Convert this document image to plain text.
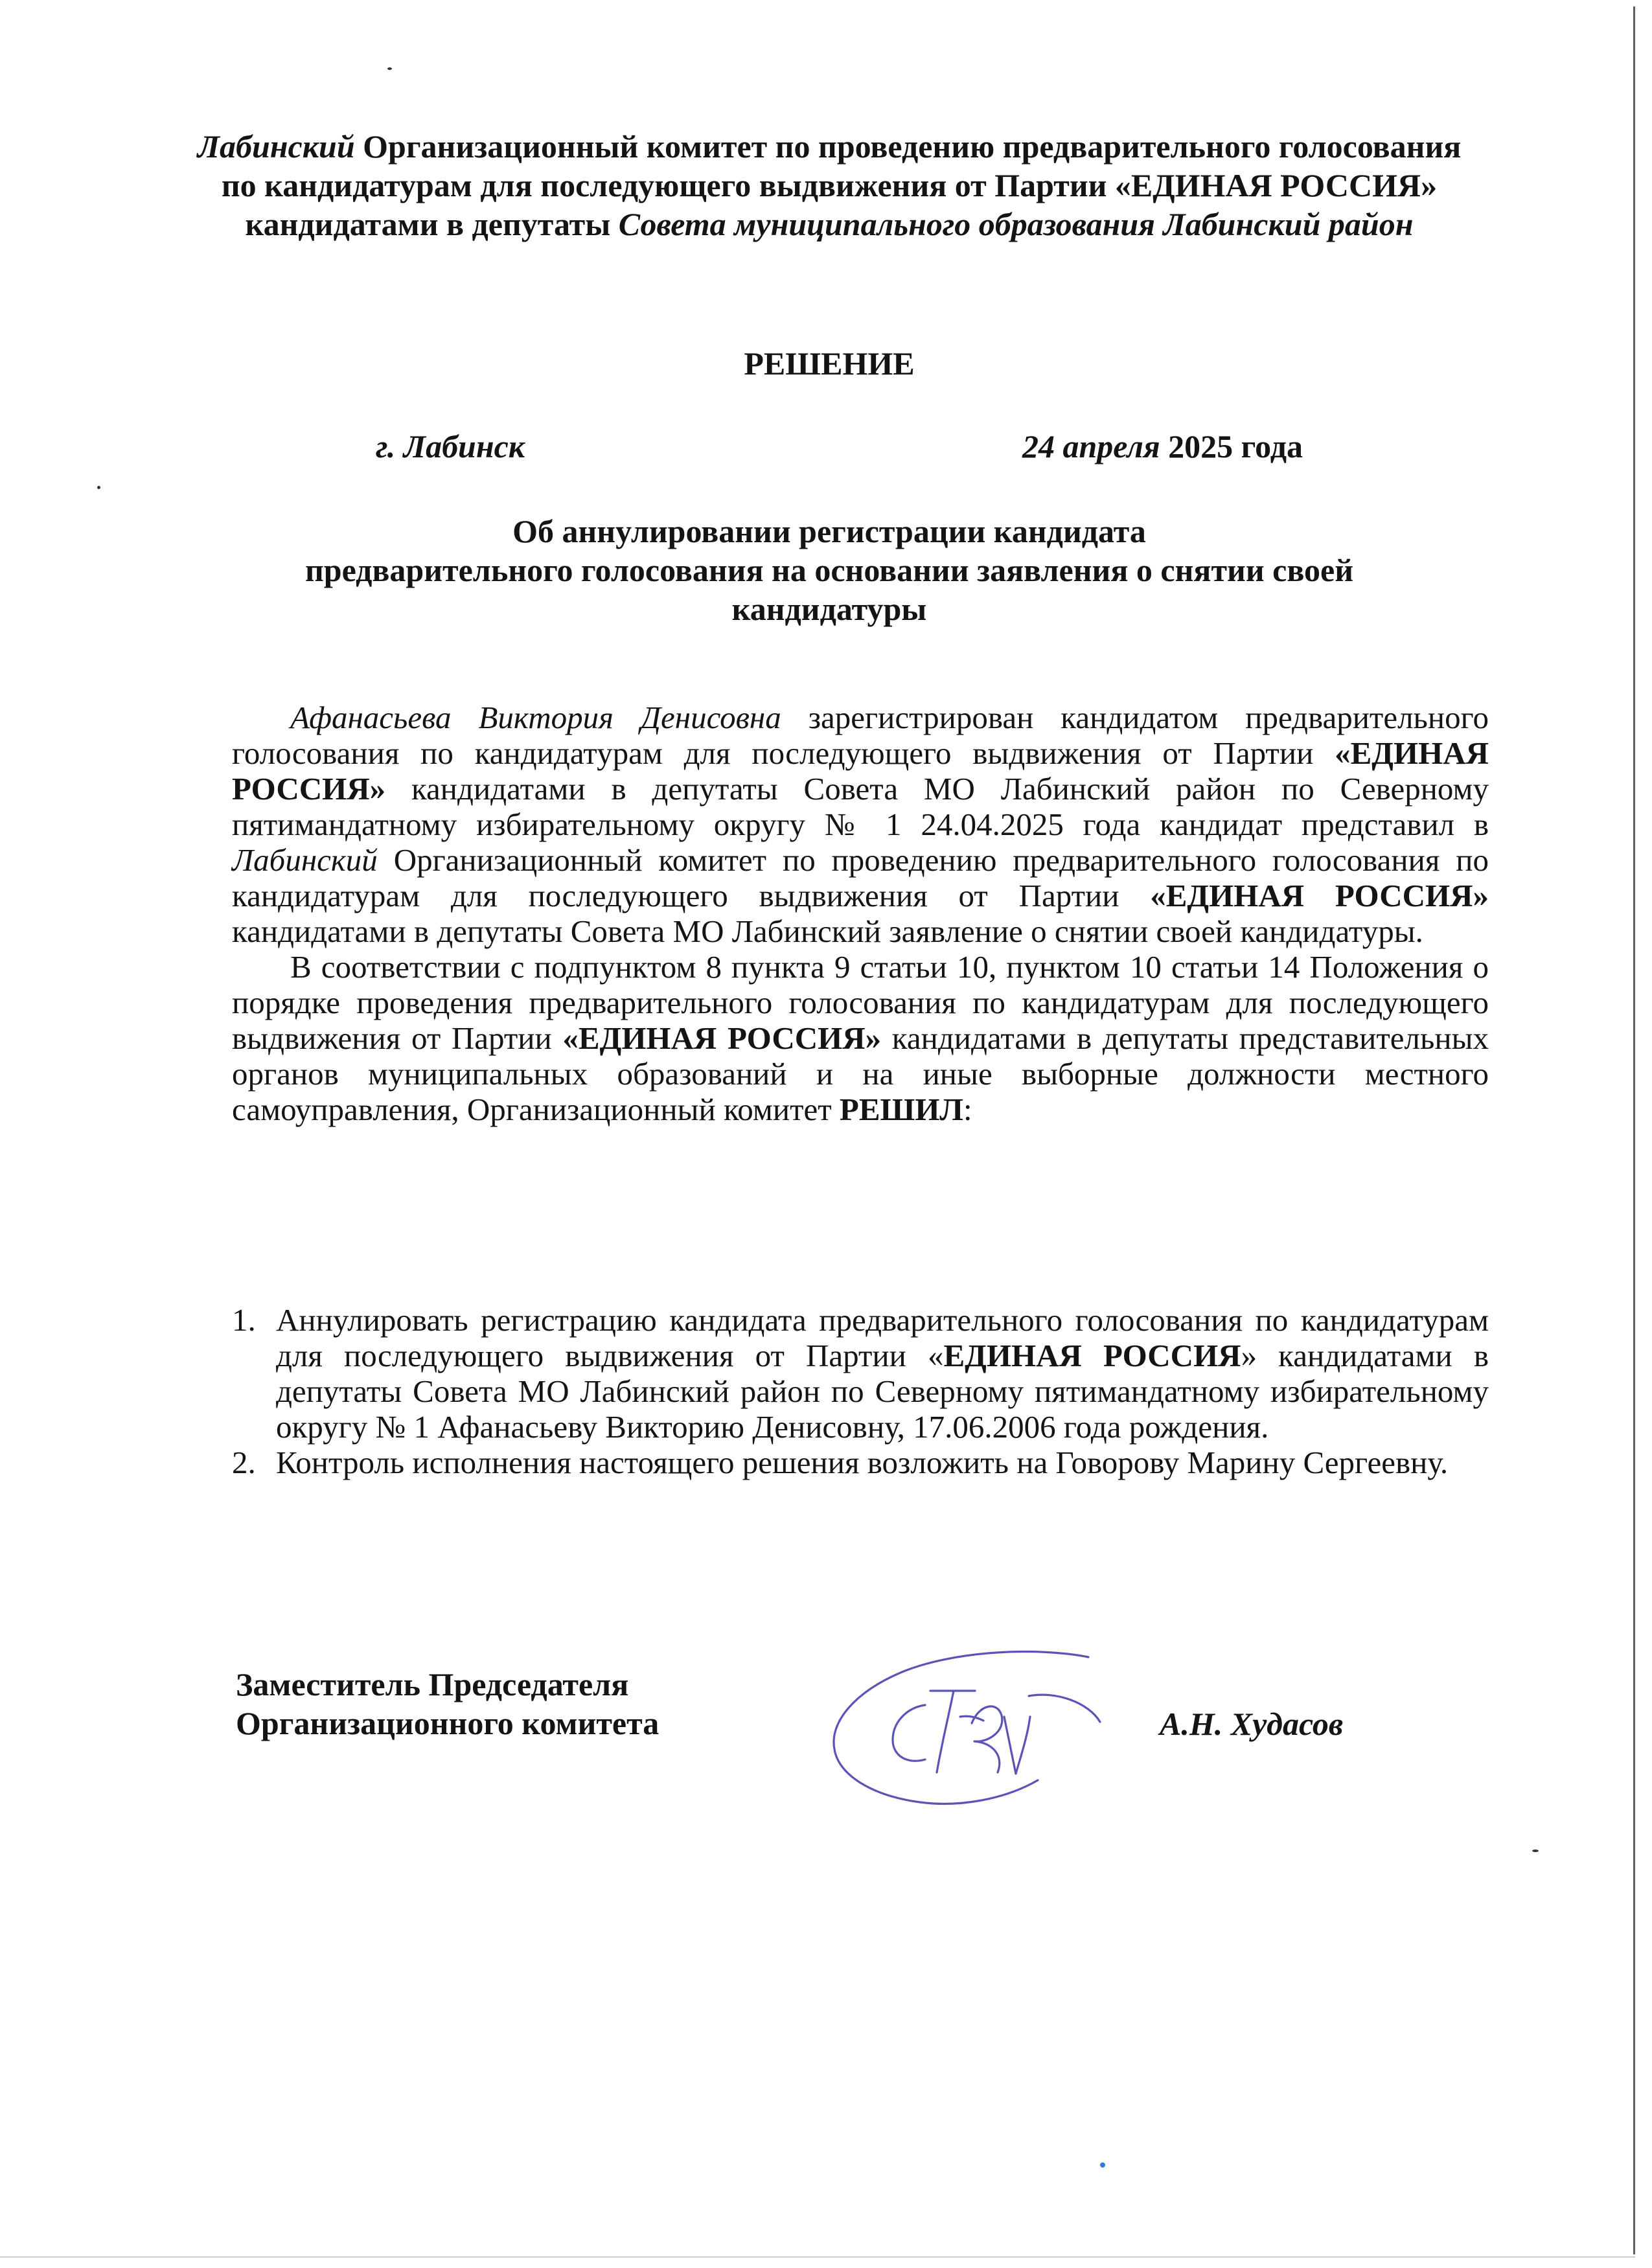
Лабинский Организационный комитет по проведению предварительного голосования по кандидатурам для последующего выдвижения от Партии «ЕДИНАЯ РОССИЯ» кандидатами в депутаты Совета муниципального образования Лабинский район
РЕШЕНИЕ
г. Лабинск	24 апреля 2025 года
Об аннулировании регистрации кандидата
предварительного голосования на основании заявления о снятии своей
кандидатуры

Афанасьева Виктория Денисовна зарегистрирован кандидатом предварительного голосования по кандидатурам для последующего выдвижения от Партии «ЕДИНАЯ РОССИЯ» кандидатами в депутаты Совета МО Лабинский район по Северному пятимандатному избирательному округу № 1 24.04.2025 года кандидат представил в Лабинский Организационный комитет по проведению предварительного голосования по кандидатурам для последующего выдвижения от Партии «ЕДИНАЯ РОССИЯ» кандидатами в депутаты Совета МО Лабинский заявление о снятии своей кандидатуры.

В соответствии с подпунктом 8 пункта 9 статьи 10, пунктом 10 статьи 14 Положения о порядке проведения предварительного голосования по кандидатурам для последующего выдвижения от Партии «ЕДИНАЯ РОССИЯ» кандидатами в депутаты представительных органов муниципальных образований и на иные выборные должности местного самоуправления, Организационный комитет РЕШИЛ:

1. Аннулировать регистрацию кандидата предварительного голосования по кандидатурам для последующего выдвижения от Партии «ЕДИНАЯ РОССИЯ» кандидатами в депутаты Совета МО Лабинский район по Северному пятимандатному избирательному округу № 1 Афанасьеву Викторию Денисовну, 17.06.2006 года рождения.
2. Контроль исполнения настоящего решения возложить на Говорову Марину Сергеевну.
Заместитель Председателя
Организационного комитета	А.Н. Худасов
